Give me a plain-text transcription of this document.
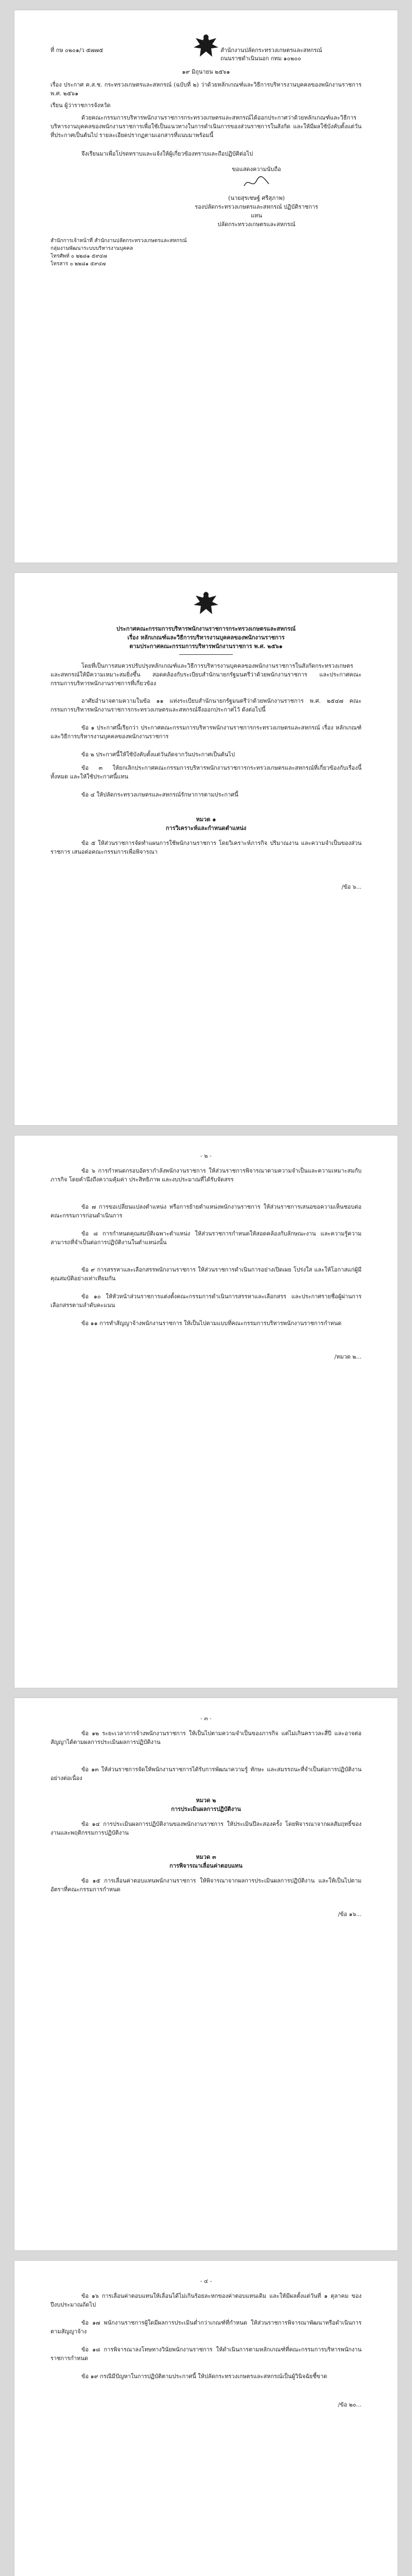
ที่ กษ ๐๒๐๑/ว ๕๗๗๕	สำนักงานปลัดกระทรวงเกษตรและสหกรณ์
ถนนราชดำเนินนอก กทม ๑๐๒๐๐
๑๙ มิถุนายน ๒๕๖๑
เรื่อง ประกาศ ค.ส.ช. กระทรวงเกษตรและสหกรณ์ (ฉบับที่ ๒) ว่าด้วยหลักเกณฑ์และวิธีการบริหารงานบุคคลของพนักงานราชการ พ.ศ. ๒๕๖๑
เรียน ผู้ว่าราชการจังหวัด
ด้วยคณะกรรมการบริหารพนักงานราชการกระทรวงเกษตรและสหกรณ์ได้ออกประกาศว่าด้วยหลักเกณฑ์และวิธีการบริหารงานบุคคลของพนักงานราชการเพื่อใช้เป็นแนวทางในการดำเนินการของส่วนราชการในสังกัด และให้มีผลใช้บังคับตั้งแต่วันที่ประกาศเป็นต้นไป รายละเอียดปรากฏตามเอกสารที่แนบมาพร้อมนี้
จึงเรียนมาเพื่อโปรดทราบและแจ้งให้ผู้เกี่ยวข้องทราบและถือปฏิบัติต่อไป
ขอแสดงความนับถือ
(นายสุรเชษฐ์ ศรีสุภาพ)
รองปลัดกระทรวงเกษตรและสหกรณ์ ปฏิบัติราชการแทน
ปลัดกระทรวงเกษตรและสหกรณ์
สำนักการเจ้าหน้าที่ สำนักงานปลัดกระทรวงเกษตรและสหกรณ์
กลุ่มงานพัฒนาระบบบริหารงานบุคคล
โทรศัพท์ ๐ ๒๒๘๑ ๕๙๔๗
โทรสาร ๐ ๒๒๘๑ ๕๙๔๗
ประกาศคณะกรรมการบริหารพนักงานราชการกระทรวงเกษตรและสหกรณ์
เรื่อง หลักเกณฑ์และวิธีการบริหารงานบุคคลของพนักงานราชการ
ตามประกาศคณะกรรมการบริหารพนักงานราชการ พ.ศ. ๒๕๖๑
โดยที่เป็นการสมควรปรับปรุงหลักเกณฑ์และวิธีการบริหารงานบุคคลของพนักงานราชการในสังกัดกระทรวงเกษตรและสหกรณ์ให้มีความเหมาะสมยิ่งขึ้น สอดคล้องกับระเบียบสำนักนายกรัฐมนตรีว่าด้วยพนักงานราชการ และประกาศคณะกรรมการบริหารพนักงานราชการที่เกี่ยวข้อง
อาศัยอำนาจตามความในข้อ ๑๑ แห่งระเบียบสำนักนายกรัฐมนตรีว่าด้วยพนักงานราชการ พ.ศ. ๒๕๔๗ คณะกรรมการบริหารพนักงานราชการกระทรวงเกษตรและสหกรณ์จึงออกประกาศไว้ ดังต่อไปนี้
ข้อ ๑ ประกาศนี้เรียกว่า ประกาศคณะกรรมการบริหารพนักงานราชการกระทรวงเกษตรและสหกรณ์ เรื่อง หลักเกณฑ์และวิธีการบริหารงานบุคคลของพนักงานราชการ
ข้อ ๒ ประกาศนี้ให้ใช้บังคับตั้งแต่วันถัดจากวันประกาศเป็นต้นไป
ข้อ ๓ ให้ยกเลิกประกาศคณะกรรมการบริหารพนักงานราชการกระทรวงเกษตรและสหกรณ์ที่เกี่ยวข้องกับเรื่องนี้ทั้งหมด และให้ใช้ประกาศนี้แทน
ข้อ ๔ ให้ปลัดกระทรวงเกษตรและสหกรณ์รักษาการตามประกาศนี้
หมวด ๑
การวิเคราะห์และกำหนดตำแหน่ง
ข้อ ๕ ให้ส่วนราชการจัดทำแผนการใช้พนักงานราชการ โดยวิเคราะห์ภารกิจ ปริมาณงาน และความจำเป็นของส่วนราชการ เสนอต่อคณะกรรมการเพื่อพิจารณา
/ข้อ ๖...
- ๒ -
ข้อ ๖ การกำหนดกรอบอัตรากำลังพนักงานราชการ ให้ส่วนราชการพิจารณาตามความจำเป็นและความเหมาะสมกับภารกิจ โดยคำนึงถึงความคุ้มค่า ประสิทธิภาพ และงบประมาณที่ได้รับจัดสรร
ข้อ ๗ การขอเปลี่ยนแปลงตำแหน่ง หรือการย้ายตำแหน่งพนักงานราชการ ให้ส่วนราชการเสนอขอความเห็นชอบต่อคณะกรรมการก่อนดำเนินการ
ข้อ ๘ การกำหนดคุณสมบัติเฉพาะตำแหน่ง ให้ส่วนราชการกำหนดให้สอดคล้องกับลักษณะงาน และความรู้ความสามารถที่จำเป็นต่อการปฏิบัติงานในตำแหน่งนั้น
ข้อ ๙ การสรรหาและเลือกสรรพนักงานราชการ ให้ส่วนราชการดำเนินการอย่างเปิดเผย โปร่งใส และให้โอกาสแก่ผู้มีคุณสมบัติอย่างเท่าเทียมกัน
ข้อ ๑๐ ให้หัวหน้าส่วนราชการแต่งตั้งคณะกรรมการดำเนินการสรรหาและเลือกสรร และประกาศรายชื่อผู้ผ่านการเลือกสรรตามลำดับคะแนน
ข้อ ๑๑ การทำสัญญาจ้างพนักงานราชการ ให้เป็นไปตามแบบที่คณะกรรมการบริหารพนักงานราชการกำหนด
/หมวด ๒...
- ๓ -
ข้อ ๑๒ ระยะเวลาการจ้างพนักงานราชการ ให้เป็นไปตามความจำเป็นของภารกิจ แต่ไม่เกินคราวละสี่ปี และอาจต่อสัญญาได้ตามผลการประเมินผลการปฏิบัติงาน
ข้อ ๑๓ ให้ส่วนราชการจัดให้พนักงานราชการได้รับการพัฒนาความรู้ ทักษะ และสมรรถนะที่จำเป็นต่อการปฏิบัติงานอย่างต่อเนื่อง
หมวด ๒
การประเมินผลการปฏิบัติงาน
ข้อ ๑๔ การประเมินผลการปฏิบัติงานของพนักงานราชการ ให้ประเมินปีละสองครั้ง โดยพิจารณาจากผลสัมฤทธิ์ของงานและพฤติกรรมการปฏิบัติงาน
หมวด ๓
การพิจารณาเลื่อนค่าตอบแทน
ข้อ ๑๕ การเลื่อนค่าตอบแทนพนักงานราชการ ให้พิจารณาจากผลการประเมินผลการปฏิบัติงาน และให้เป็นไปตามอัตราที่คณะกรรมการกำหนด
/ข้อ ๑๖...
- ๔ -
ข้อ ๑๖ การเลื่อนค่าตอบแทนให้เลื่อนได้ไม่เกินร้อยละหกของค่าตอบแทนเดิม และให้มีผลตั้งแต่วันที่ ๑ ตุลาคม ของปีงบประมาณถัดไป
ข้อ ๑๗ พนักงานราชการผู้ใดมีผลการประเมินต่ำกว่าเกณฑ์ที่กำหนด ให้ส่วนราชการพิจารณาพัฒนาหรือดำเนินการตามสัญญาจ้าง
ข้อ ๑๘ การพิจารณาลงโทษทางวินัยพนักงานราชการ ให้ดำเนินการตามหลักเกณฑ์ที่คณะกรรมการบริหารพนักงานราชการกำหนด
ข้อ ๑๙ กรณีมีปัญหาในการปฏิบัติตามประกาศนี้ ให้ปลัดกระทรวงเกษตรและสหกรณ์เป็นผู้วินิจฉัยชี้ขาด
/ข้อ ๒๐...
